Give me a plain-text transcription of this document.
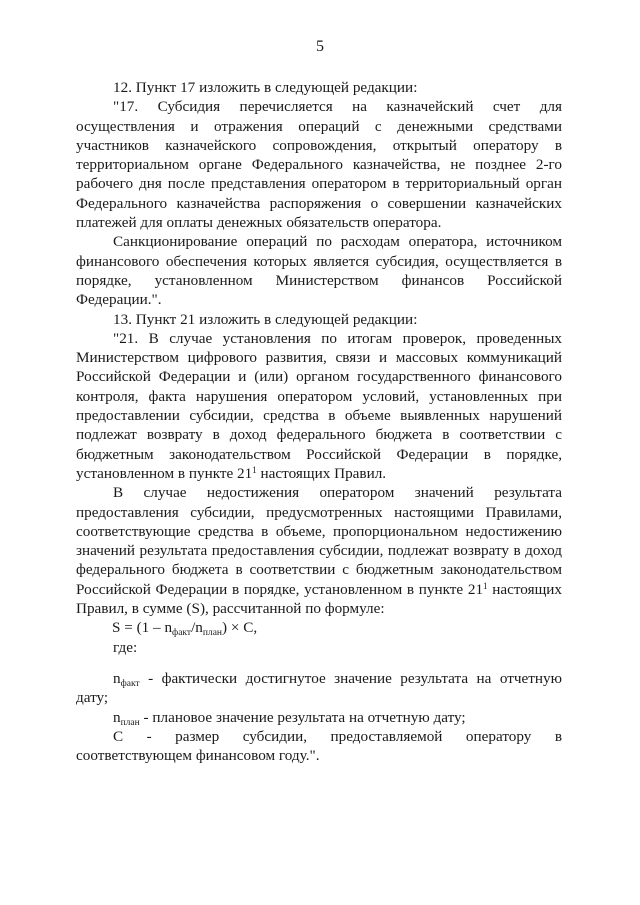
5

12. Пункт 17 изложить в следующей редакции:

"17. Субсидия перечисляется на казначейский счет для осуществления и отражения операций с денежными средствами участников казначейского сопровождения, открытый оператору в территориальном органе Федерального казначейства, не позднее 2-го рабочего дня после представления оператором в территориальный орган Федерального казначейства распоряжения о совершении казначейских платежей для оплаты денежных обязательств оператора.

Санкционирование операций по расходам оператора, источником финансового обеспечения которых является субсидия, осуществляется в порядке, установленном Министерством финансов Российской Федерации.".

13. Пункт 21 изложить в следующей редакции:

"21. В случае установления по итогам проверок, проведенных Министерством цифрового развития, связи и массовых коммуникаций Российской Федерации и (или) органом государственного финансового контроля, факта нарушения оператором условий, установленных при предоставлении субсидии, средства в объеме выявленных нарушений подлежат возврату в доход федерального бюджета в соответствии с бюджетным законодательством Российской Федерации в порядке, установленном в пункте $21^1$ настоящих Правил.

В случае недостижения оператором значений результата предоставления субсидии, предусмотренных настоящими Правилами, соответствующие средства в объеме, пропорциональном недостижению значений результата предоставления субсидии, подлежат возврату в доход федерального бюджета в соответствии с бюджетным законодательством Российской Федерации в порядке, установленном в пункте $21^1$ настоящих Правил, в сумме (S), рассчитанной по формуле:

$S = (1 - n_{факт}/n_{план}) \times С$,

где:

$n_{факт}$ - фактически достигнутое значение результата на отчетную дату;

$n_{план}$ - плановое значение результата на отчетную дату;

С - размер субсидии, предоставляемой оператору в соответствующем финансовом году.".
